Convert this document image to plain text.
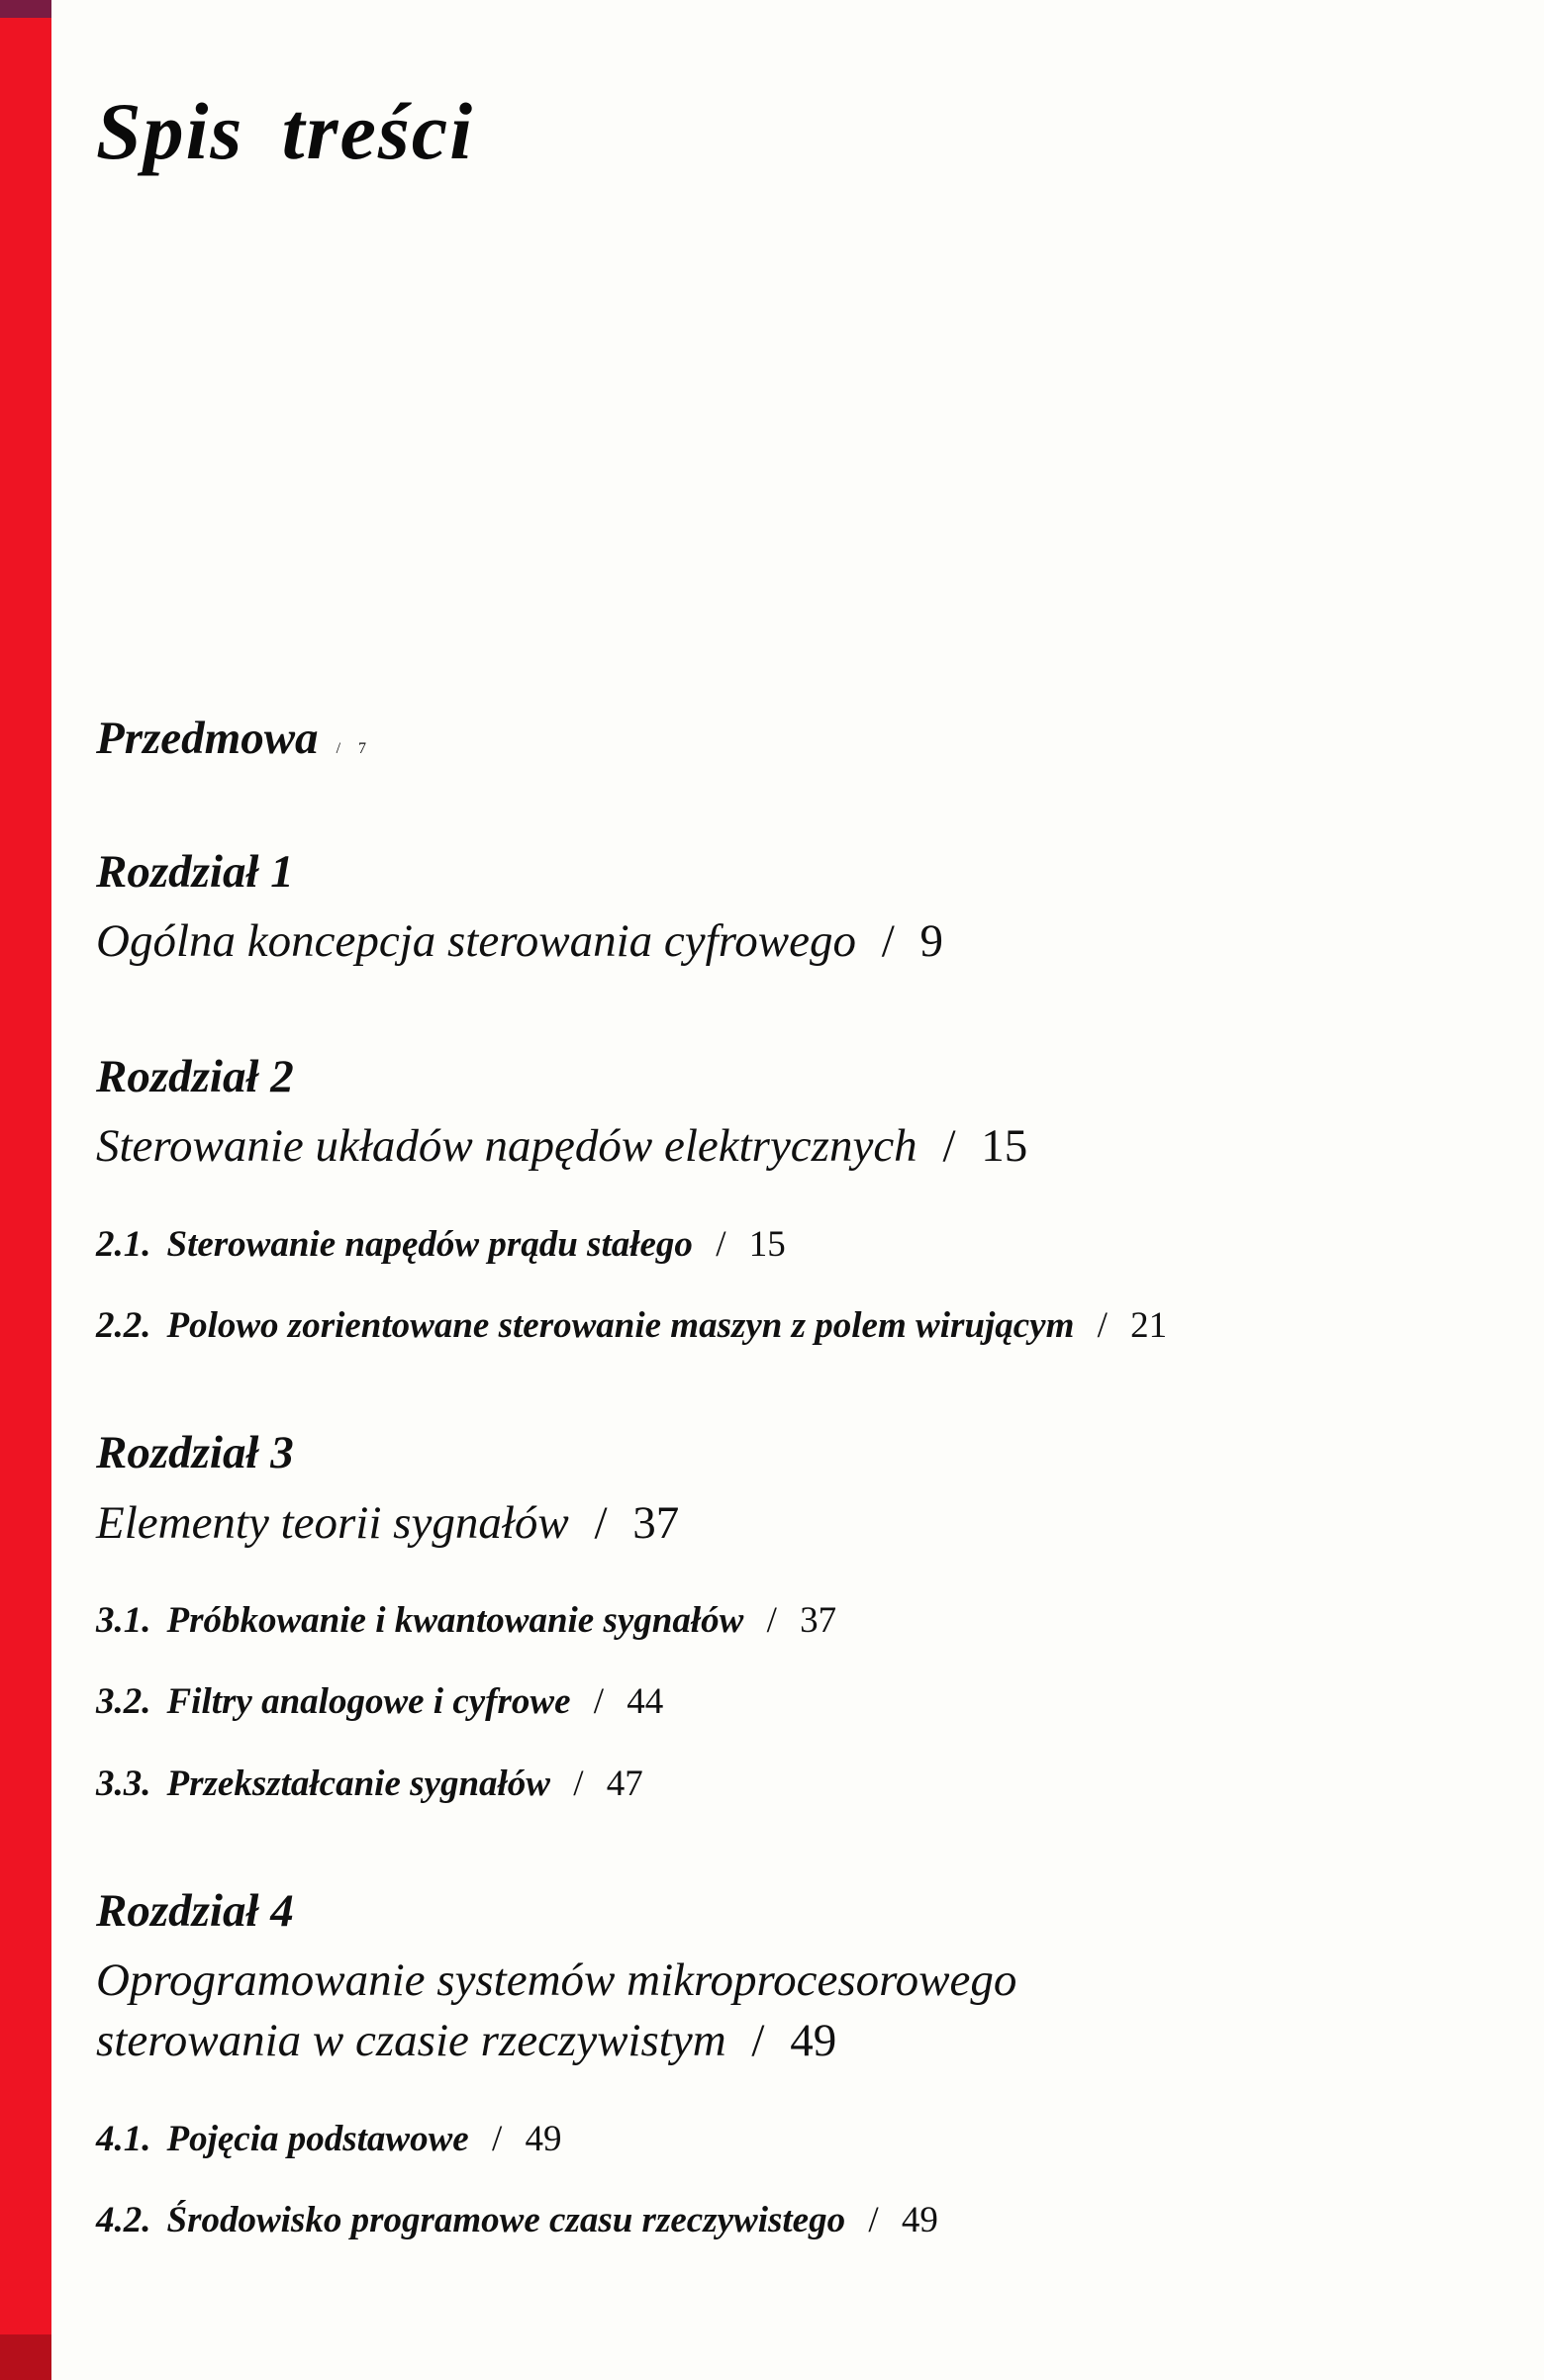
Spis treści
Przedmowa / 7
Rozdział 1
Ogólna koncepcja sterowania cyfrowego / 9
Rozdział 2
Sterowanie układów napędów elektrycznych / 15
2.1. Sterowanie napędów prądu stałego / 15
2.2. Polowo zorientowane sterowanie maszyn z polem wirującym / 21
Rozdział 3
Elementy teorii sygnałów / 37
3.1. Próbkowanie i kwantowanie sygnałów / 37
3.2. Filtry analogowe i cyfrowe / 44
3.3. Przekształcanie sygnałów / 47
Rozdział 4
Oprogramowanie systemów mikroprocesorowego sterowania w czasie rzeczywistym / 49
4.1. Pojęcia podstawowe / 49
4.2. Środowisko programowe czasu rzeczywistego / 49
